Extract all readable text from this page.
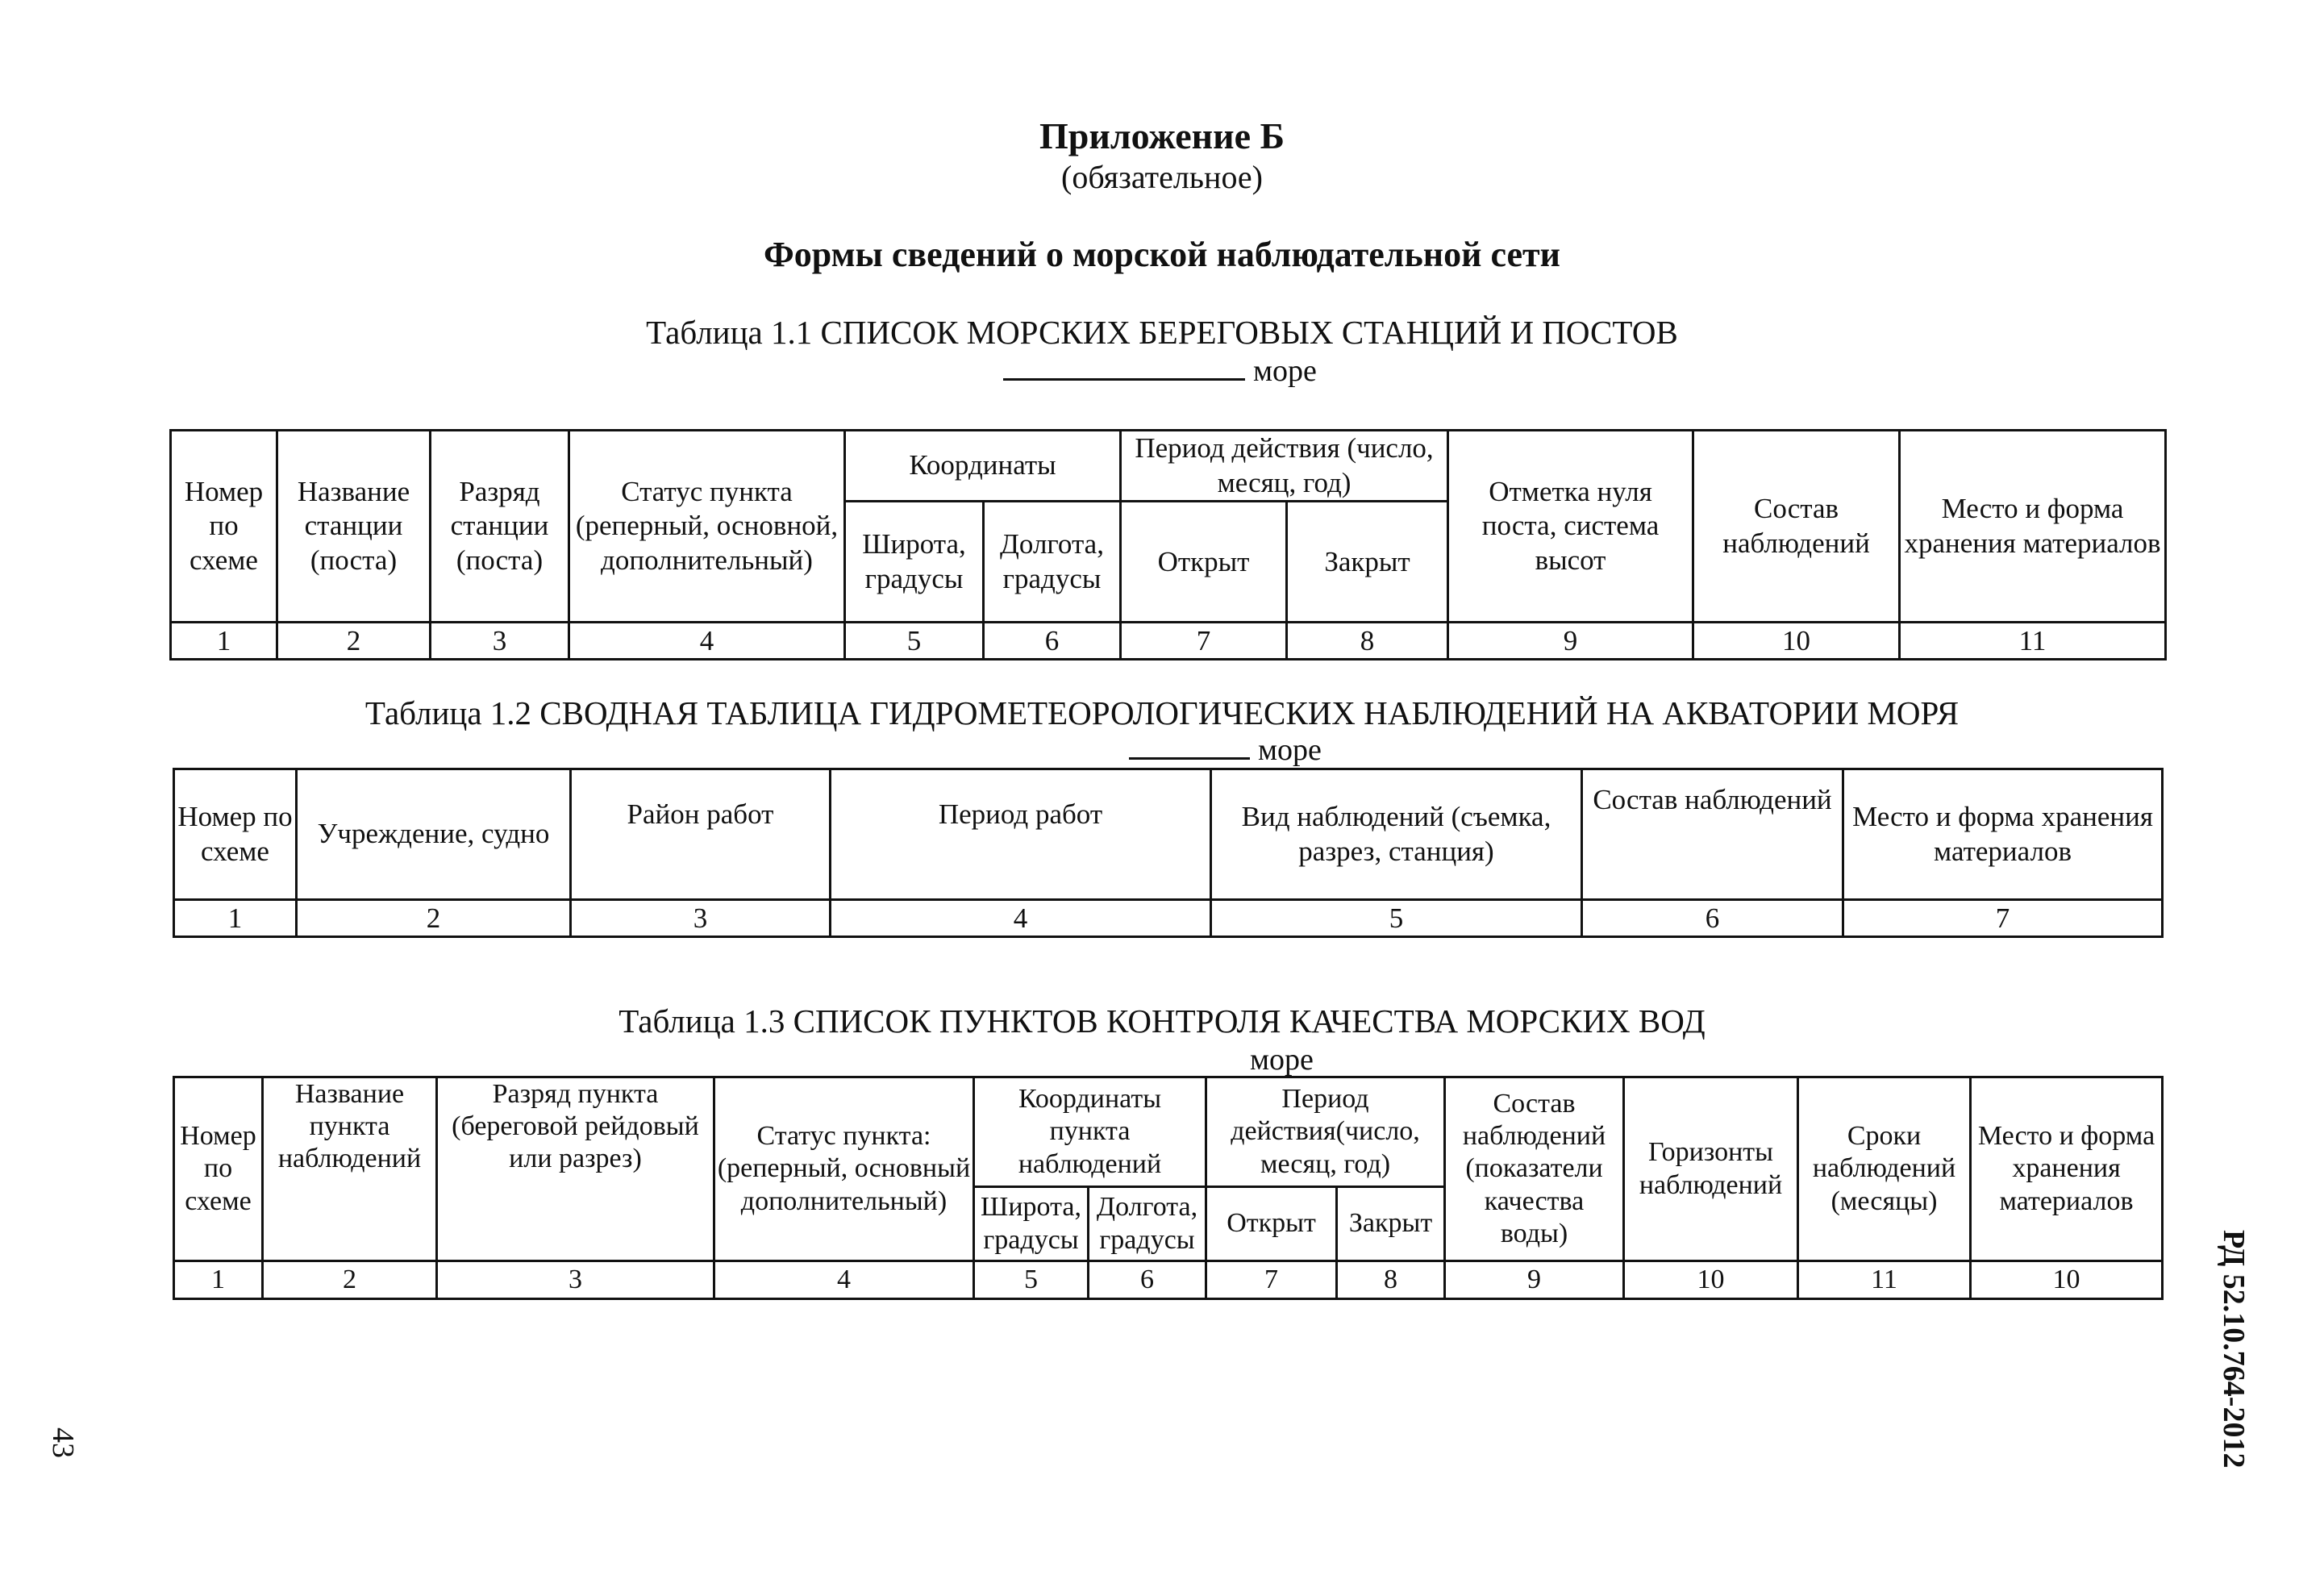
Приложение Б
(обязательное)
Формы сведений о морской наблюдательной сети
Таблица 1.1 СПИСОК МОРСКИХ БЕРЕГОВЫХ СТАНЦИЙ И ПОСТОВ
море
Номер по схеме	Название станции (поста)	Разряд станции (поста)	Статус пункта (реперный, основной, дополнительный)	Координаты		Период действия (число, месяц, год)		Отметка нуля поста, система высот	Состав наблюдений	Место и форма хранения материалов
				Широта, градусы	Долгота, градусы	Открыт	Закрыт			
1	2	3	4	5	6	7	8	9	10	11
Таблица 1.2 СВОДНАЯ ТАБЛИЦА ГИДРОМЕТЕОРОЛОГИЧЕСКИХ НАБЛЮДЕНИЙ НА АКВАТОРИИ МОРЯ
море
Номер по схеме	Учреждение, судно	Район работ	Период работ	Вид наблюдений (съемка, разрез, станция)	Состав наблюдений	Место и форма хранения материалов
1	2	3	4	5	6	7
Таблица 1.3 СПИСОК ПУНКТОВ КОНТРОЛЯ КАЧЕСТВА МОРСКИХ ВОД
море
Номер по схеме	Название пункта наблюдений	Разряд пункта (береговой рейдовый или разрез)	Статус пункта: (реперный, основный дополнительный)	Координаты пункта наблюдений		Период действия(число, месяц, год)		Состав наблюдений (показатели качества воды)	Горизонты наблюдений	Сроки наблюдений (месяцы)	Место и форма хранения материалов
				Широта, градусы	Долгота, градусы	Открыт	Закрыт				
1	2	3	4	5	6	7	8	9	10	11	10
43	РД 52.10.764-2012
